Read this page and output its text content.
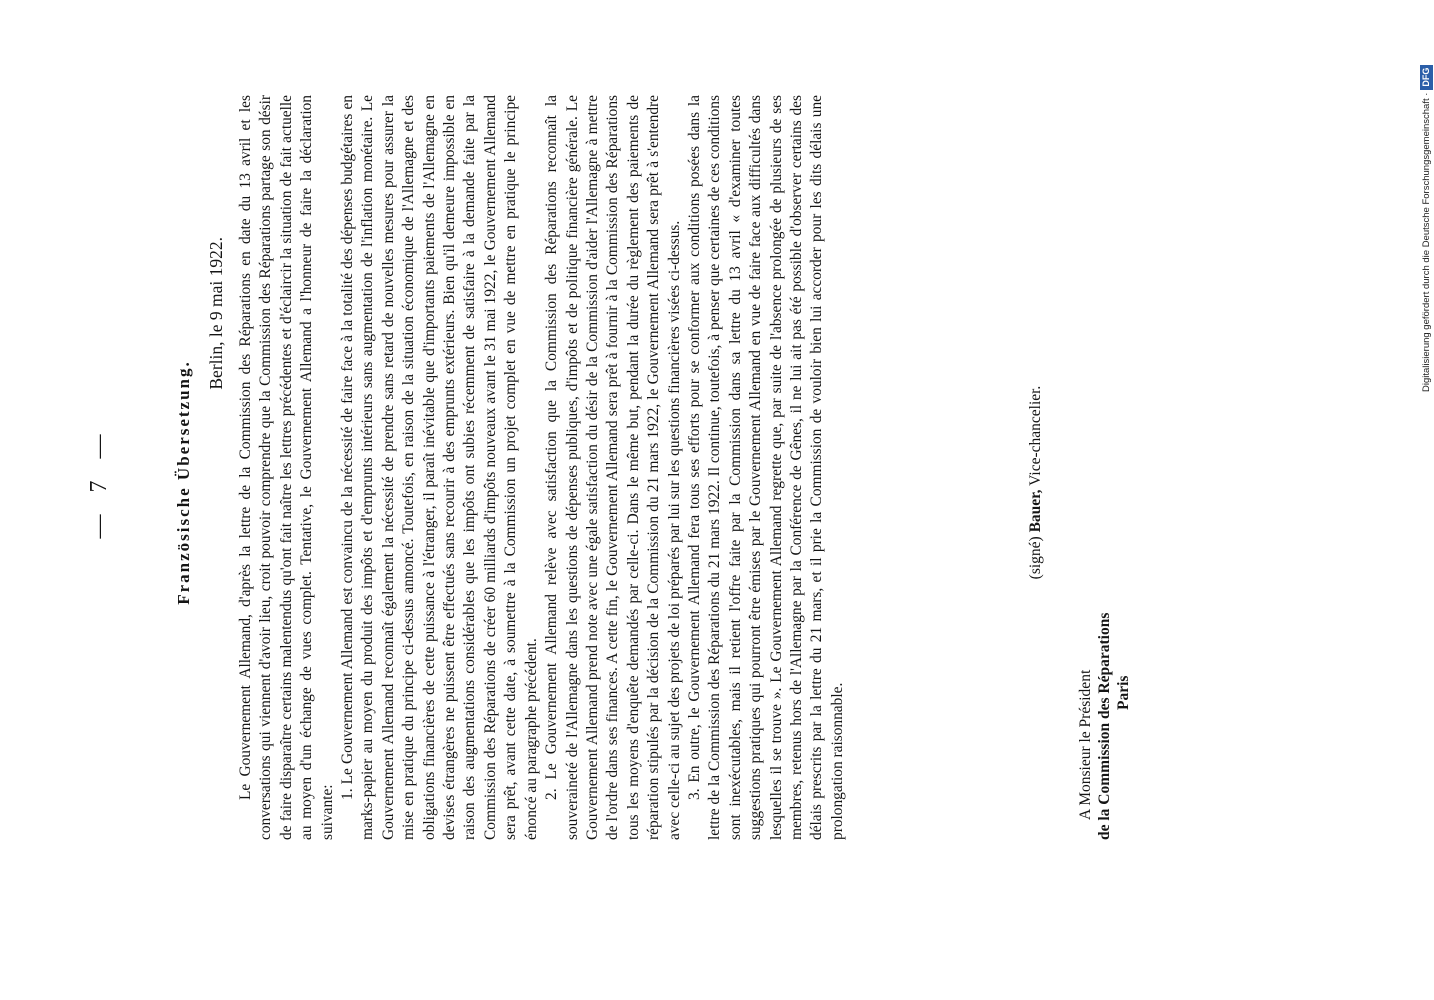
— 7 —	Französische Übersetzung.
Berlin, le 9 mai 1922. Le Gouvernement Allemand, d'après la lettre de la Commission des Réparations en date du 13 avril et les conversations qui viennent d'avoir lieu, croit pouvoir comprendre que la Commission des Réparations partage son désir de faire disparaître certains malentendus qu'ont fait naître les lettres précédentes et d'éclaircir la situation de fait actuelle au moyen d'un échange de vues complet. Tentative, le Gouvernement Allemand a l'honneur de faire la déclaration suivante:

1. Le Gouvernement Allemand est convaincu de la nécessité de faire face à la totalité des dépenses budgétaires en marks-papier au moyen du produit des impôts et d'emprunts intérieurs sans augmentation de l'inflation monétaire. Le Gouvernement Allemand reconnaît également la nécessité de prendre sans retard de nouvelles mesures pour assurer la mise en pratique du principe ci-dessus annoncé. Toutefois, en raison de la situation économique de l'Allemagne et des obligations financières de cette puissance à l'étranger, il paraît inévitable que d'importants paiements de l'Allemagne en devises étrangères ne puissent être effectués sans recourir à des emprunts extérieurs. Bien qu'il demeure impossible en raison des augmentations considérables que les impôts ont subies récemment de satisfaire à la demande faite par la Commission des Réparations de créer 60 milliards d'impôts nouveaux avant le 31 mai 1922, le Gouvernement Allemand sera prêt, avant cette date, à soumettre à la Commission un projet complet en vue de mettre en pratique le principe énoncé au paragraphe précédent. 2. Le Gouvernement Allemand relève avec satisfaction que la Commission des Réparations reconnaît la souveraineté de l'Allemagne dans les questions de dépenses publiques, d'impôts et de politique financière générale. Le Gouvernement Allemand prend note avec une égale satisfaction du désir de la Commission d'aider l'Allemagne à mettre de l'ordre dans ses finances. A cette fin, le Gouvernement Allemand sera prêt à fournir à la Commission des Réparations tous les moyens d'enquête demandés par celle-ci. Dans le même but, pendant la durée du règlement des paiements de réparation stipulés par la décision de la Commission du 21 mars 1922, le Gouvernement Allemand sera prêt à s'entendre avec celle-ci au sujet des projets de loi préparés par lui sur les questions financières visées ci-dessus. 3. En outre, le Gouvernement Allemand fera tous ses efforts pour se conformer aux conditions posées dans la lettre de la Commission des Réparations du 21 mars 1922. Il continue, toutefois, à penser que certaines de ces conditions sont inexécutables, mais il retient l'offre faite par la Commission dans sa lettre du 13 avril « d'examiner toutes suggestions pratiques qui pourront être émises par le Gouvernement Allemand en vue de faire face aux difficultés dans lesquelles il se trouve ». Le Gouvernement Allemand regrette que, par suite de l'absence prolongée de plusieurs de ses membres, retenus hors de l'Allemagne par la Conférence de Gênes, il ne lui ait pas été possible d'observer certains des délais prescrits par la lettre du 21 mars, et il prie la Commission de vouloir bien lui accorder pour les dits délais une prolongation raisonnable.

(signé) Bauer, Vice-chancelier.
A Monsieur le Président de la Commission des Réparations Paris
Digitalisierung gefördert durch die Deutsche Forschungsgemeinschaft ·DFG
